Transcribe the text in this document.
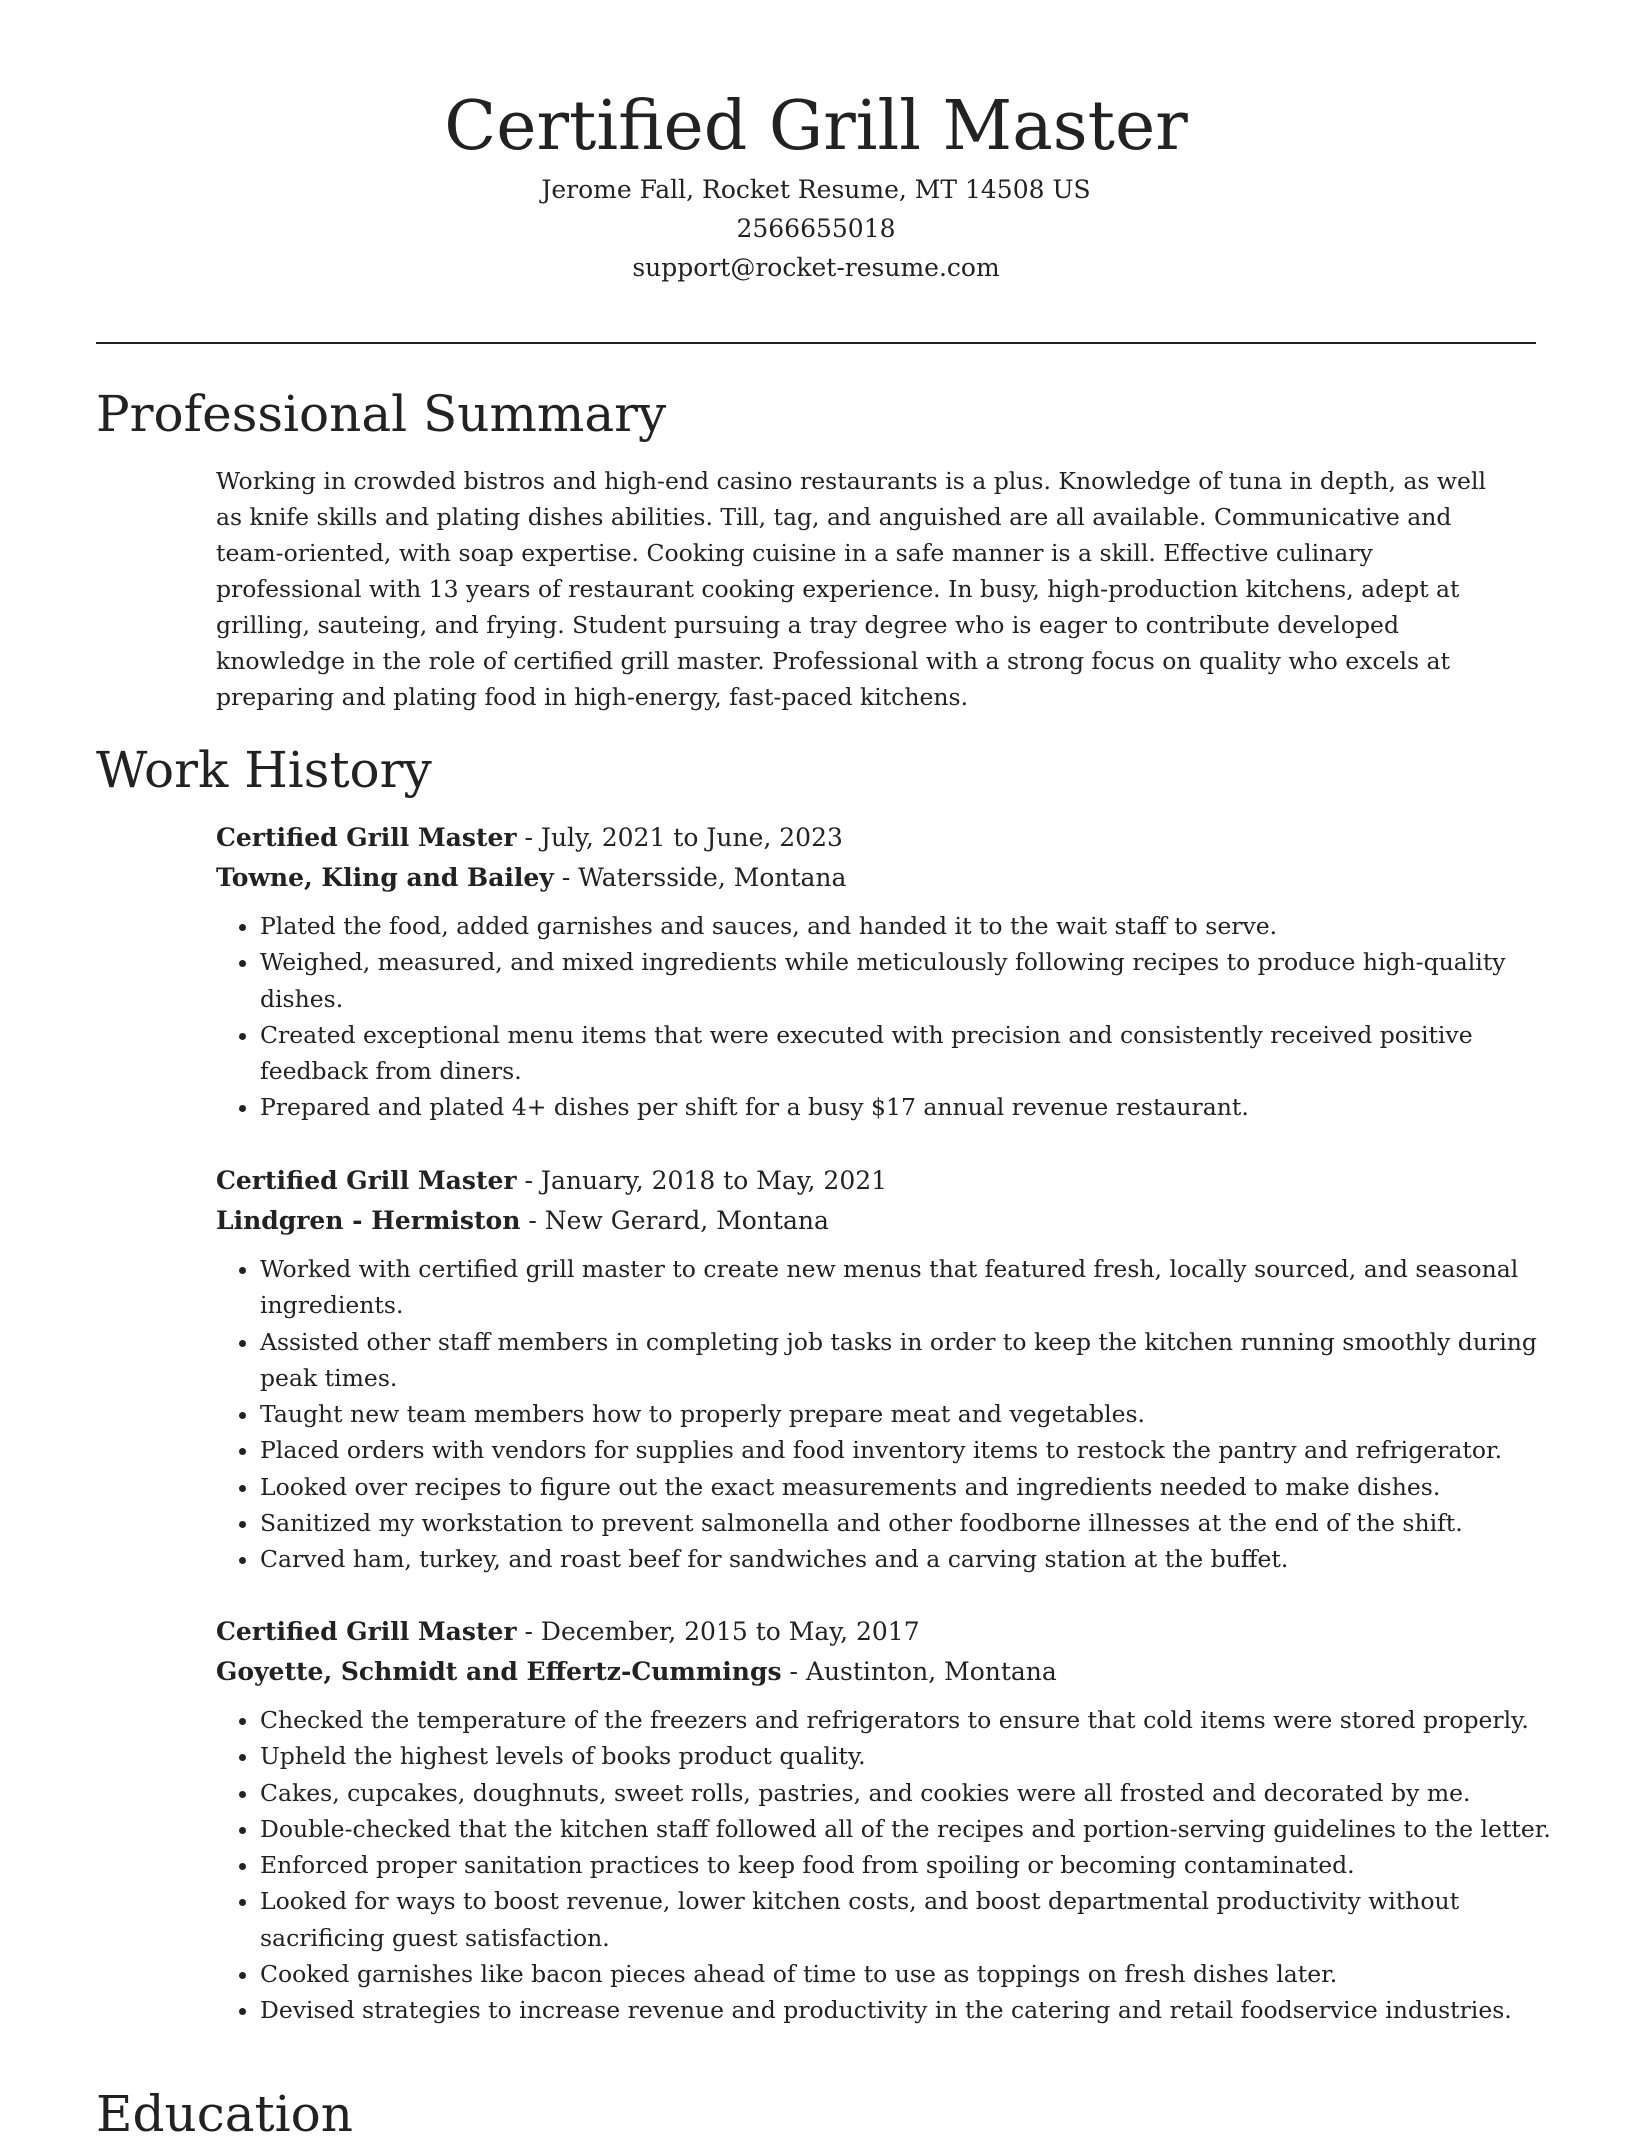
Certified Grill Master

Jerome Fall, Rocket Resume, MT 14508 US

2566655018

support@rocket-resume.com

Professional Summary

Working in crowded bistros and high-end casino restaurants is a plus. Knowledge of tuna in depth, as well as knife skills and plating dishes abilities. Till, tag, and anguished are all available. Communicative and team-oriented, with soap expertise. Cooking cuisine in a safe manner is a skill. Effective culinary professional with 13 years of restaurant cooking experience. In busy, high-production kitchens, adept at grilling, sauteing, and frying. Student pursuing a tray degree who is eager to contribute developed knowledge in the role of certified grill master. Professional with a strong focus on quality who excels at preparing and plating food in high-energy, fast-paced kitchens.

Work History

Certified Grill Master - July, 2021 to June, 2023

Towne, Kling and Bailey - Watersside, Montana

• Plated the food, added garnishes and sauces, and handed it to the wait staff to serve.
• Weighed, measured, and mixed ingredients while meticulously following recipes to produce high-quality dishes.
• Created exceptional menu items that were executed with precision and consistently received positive feedback from diners.
• Prepared and plated 4+ dishes per shift for a busy $17 annual revenue restaurant.

Certified Grill Master - January, 2018 to May, 2021

Lindgren - Hermiston - New Gerard, Montana

• Worked with certified grill master to create new menus that featured fresh, locally sourced, and seasonal ingredients.
• Assisted other staff members in completing job tasks in order to keep the kitchen running smoothly during peak times.
• Taught new team members how to properly prepare meat and vegetables.
• Placed orders with vendors for supplies and food inventory items to restock the pantry and refrigerator.
• Looked over recipes to figure out the exact measurements and ingredients needed to make dishes.
• Sanitized my workstation to prevent salmonella and other foodborne illnesses at the end of the shift.
• Carved ham, turkey, and roast beef for sandwiches and a carving station at the buffet.

Certified Grill Master - December, 2015 to May, 2017

Goyette, Schmidt and Effertz-Cummings - Austinton, Montana

• Checked the temperature of the freezers and refrigerators to ensure that cold items were stored properly.
• Upheld the highest levels of books product quality.
• Cakes, cupcakes, doughnuts, sweet rolls, pastries, and cookies were all frosted and decorated by me.
• Double-checked that the kitchen staff followed all of the recipes and portion-serving guidelines to the letter.
• Enforced proper sanitation practices to keep food from spoiling or becoming contaminated.
• Looked for ways to boost revenue, lower kitchen costs, and boost departmental productivity without sacrificing guest satisfaction.
• Cooked garnishes like bacon pieces ahead of time to use as toppings on fresh dishes later.
• Devised strategies to increase revenue and productivity in the catering and retail foodservice industries.
Education
